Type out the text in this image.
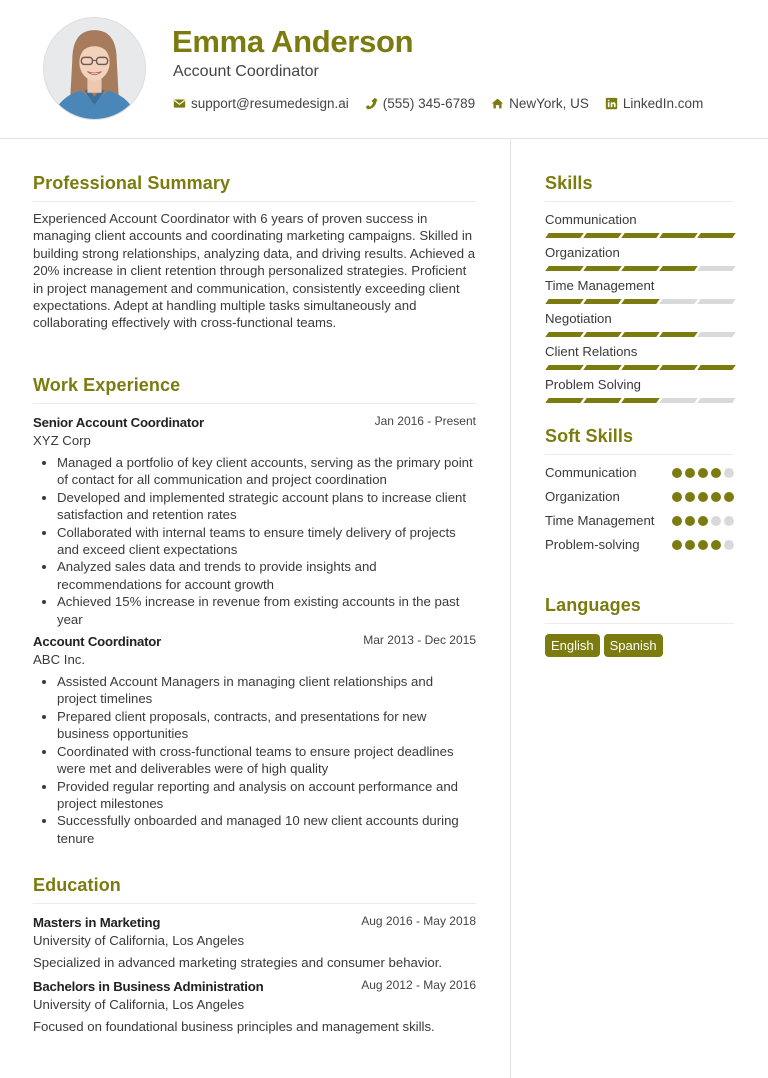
Emma Anderson
Account Coordinator
support@resumedesign.ai	(555) 345-6789	NewYork, US	LinkedIn.com
Professional Summary

Experienced Account Coordinator with 6 years of proven success in managing client accounts and coordinating marketing campaigns. Skilled in building strong relationships, analyzing data, and driving results. Achieved a 20% increase in client retention through personalized strategies. Proficient in project management and communication, consistently exceeding client expectations. Adept at handling multiple tasks simultaneously and collaborating effectively with cross-functional teams.

Work Experience
Senior Account Coordinator	Jan 2016 - Present
XYZ Corp
Managed a portfolio of key client accounts, serving as the primary point of contact for all communication and project coordination
Developed and implemented strategic account plans to increase client satisfaction and retention rates
Collaborated with internal teams to ensure timely delivery of projects and exceed client expectations
Analyzed sales data and trends to provide insights and recommendations for account growth
Achieved 15% increase in revenue from existing accounts in the past year
Account Coordinator	Mar 2013 - Dec 2015
ABC Inc.
Assisted Account Managers in managing client relationships and project timelines
Prepared client proposals, contracts, and presentations for new business opportunities
Coordinated with cross-functional teams to ensure project deadlines were met and deliverables were of high quality
Provided regular reporting and analysis on account performance and project milestones
Successfully onboarded and managed 10 new client accounts during tenure
Education
Masters in Marketing	Aug 2016 - May 2018
University of California, Los Angeles
Specialized in advanced marketing strategies and consumer behavior.
Bachelors in Business Administration	Aug 2012 - May 2016
University of California, Los Angeles
Focused on foundational business principles and management skills.
Skills
Communication
Organization
Time Management
Negotiation
Client Relations
Problem Solving
Soft Skills
Communication
Organization
Time Management
Problem-solving
Languages
English	Spanish
